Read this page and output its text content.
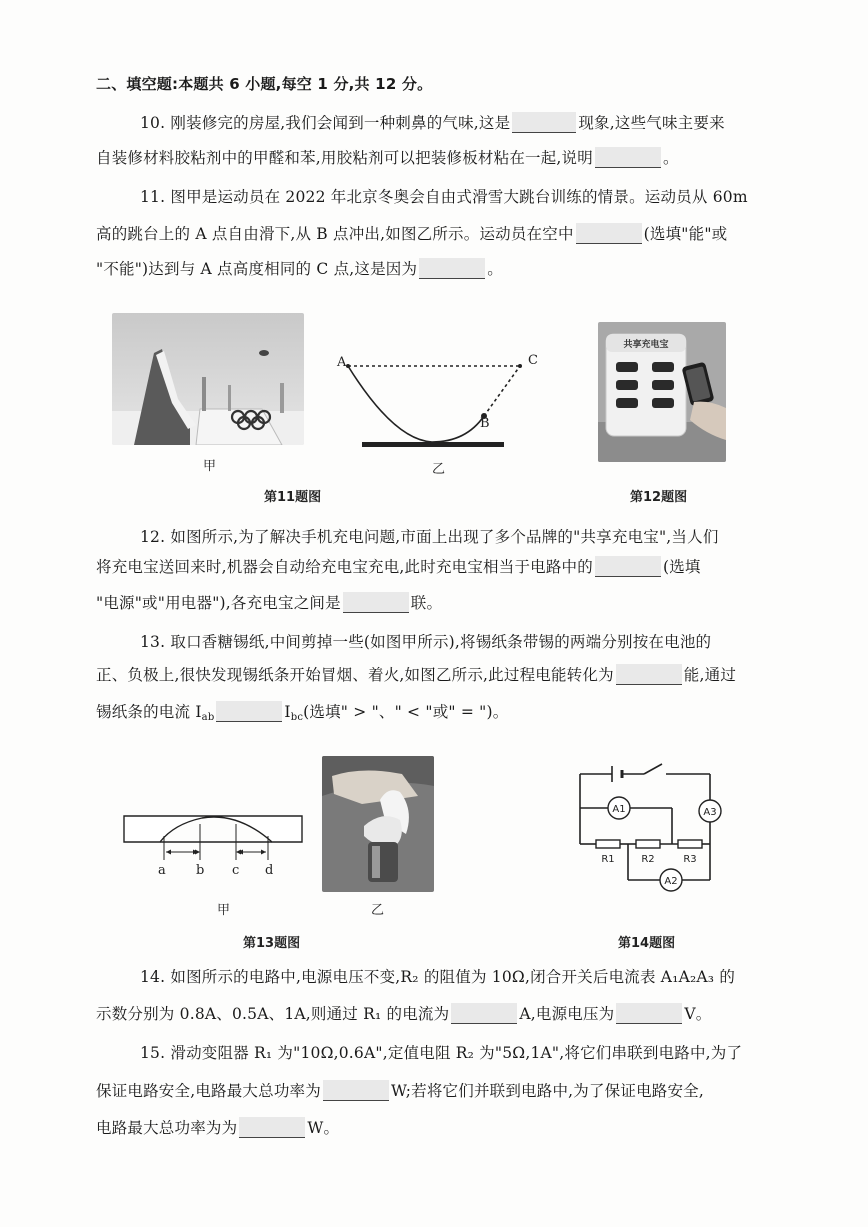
二、填空题:本题共 6 小题,每空 1 分,共 12 分。
10. 刚装修完的房屋,我们会闻到一种刺鼻的气味,这是	现象,这些气味主要来
自装修材料胶粘剂中的甲醛和苯,用胶粘剂可以把装修板材粘在一起,说明	。
11. 图甲是运动员在 2022 年北京冬奥会自由式滑雪大跳台训练的情景。运动员从 60m
高的跳台上的 A 点自由滑下,从 B 点冲出,如图乙所示。运动员在空中	(选填"能"或
"不能")达到与 A 点高度相同的 C 点,这是因为	。
甲
A	C
B
乙
第11题图
共享充电宝
第12题图
12. 如图所示,为了解决手机充电问题,市面上出现了多个品牌的"共享充电宝",当人们
将充电宝送回来时,机器会自动给充电宝充电,此时充电宝相当于电路中的	(选填
"电源"或"用电器"),各充电宝之间是	联。
13. 取口香糖锡纸,中间剪掉一些(如图甲所示),将锡纸条带锡的两端分别按在电池的
正、负极上,很快发现锡纸条开始冒烟、着火,如图乙所示,此过程电能转化为	能,通过
锡纸条的电流 $I_{ab}$	$I_{bc}$(选填" > "、" < "或" = ")。
a b c d
甲	乙
第13题图
A1	A3
A2
R1	R2	R3
第14题图
14. 如图所示的电路中,电源电压不变,R₂ 的阻值为 10Ω,闭合开关后电流表 A₁A₂A₃ 的
示数分别为 0.8A、0.5A、1A,则通过 R₁ 的电流为	A,电源电压为	V。
15. 滑动变阻器 R₁ 为"10Ω,0.6A",定值电阻 R₂ 为"5Ω,1A",将它们串联到电路中,为了
保证电路安全,电路最大总功率为	W;若将它们并联到电路中,为了保证电路安全,
电路最大总功率为为	W。
